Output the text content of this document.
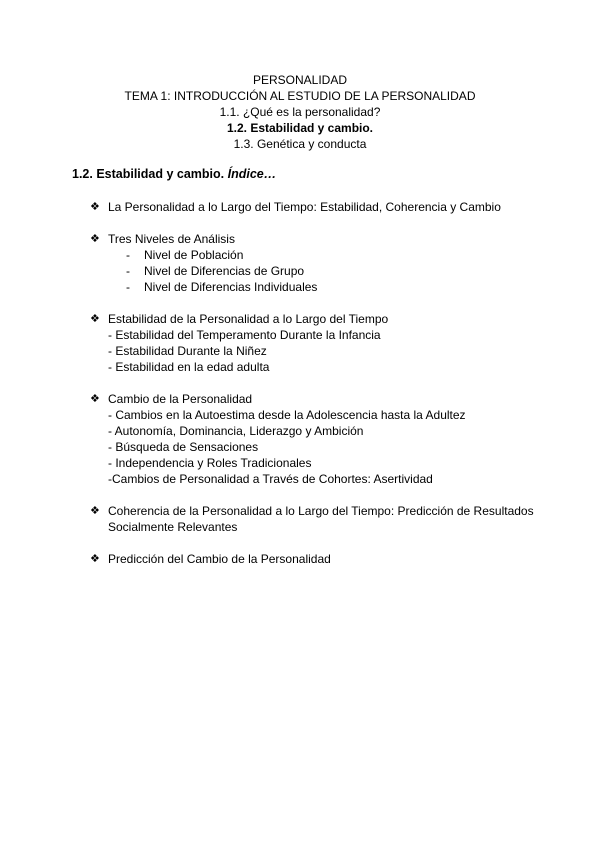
PERSONALIDAD
TEMA 1: INTRODUCCIÓN AL ESTUDIO DE LA PERSONALIDAD
1.1. ¿Qué es la personalidad?
1.2. Estabilidad y cambio.
1.3. Genética y conducta
1.2. Estabilidad y cambio. Índice…
❖ La Personalidad a lo Largo del Tiempo: Estabilidad, Coherencia y Cambio
❖ Tres Niveles de Análisis
- Nivel de Población
- Nivel de Diferencias de Grupo
- Nivel de Diferencias Individuales
❖ Estabilidad de la Personalidad a lo Largo del Tiempo
- Estabilidad del Temperamento Durante la Infancia
- Estabilidad Durante la Niñez
- Estabilidad en la edad adulta
❖ Cambio de la Personalidad
- Cambios en la Autoestima desde la Adolescencia hasta la Adultez
- Autonomía, Dominancia, Liderazgo y Ambición
- Búsqueda de Sensaciones
- Independencia y Roles Tradicionales
-Cambios de Personalidad a Través de Cohortes: Asertividad
❖ Coherencia de la Personalidad a lo Largo del Tiempo: Predicción de Resultados Socialmente Relevantes
❖ Predicción del Cambio de la Personalidad
